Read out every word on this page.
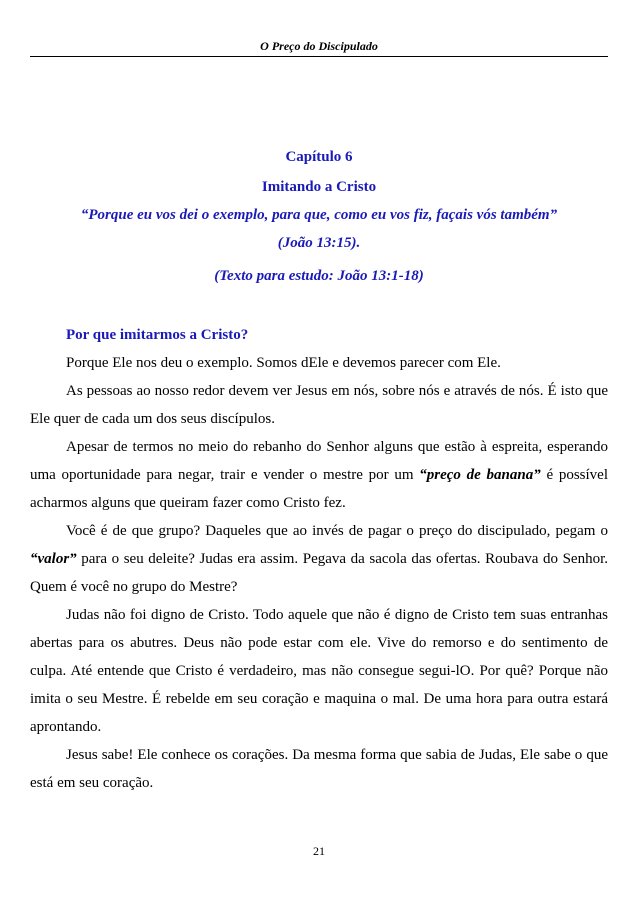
O Preço do Discipulado
Capítulo 6
Imitando a Cristo
“Porque eu vos dei o exemplo, para que, como eu vos fiz, façais vós também”
(João 13:15).
(Texto para estudo: João 13:1-18)

Por que imitarmos a Cristo?

Porque Ele nos deu o exemplo. Somos dEle e devemos parecer com Ele.

As pessoas ao nosso redor devem ver Jesus em nós, sobre nós e através de nós. É isto que Ele quer de cada um dos seus discípulos.

Apesar de termos no meio do rebanho do Senhor alguns que estão à espreita, esperando uma oportunidade para negar, trair e vender o mestre por um “preço de banana” é possível acharmos alguns que queiram fazer como Cristo fez.

Você é de que grupo? Daqueles que ao invés de pagar o preço do discipulado, pegam o “valor” para o seu deleite? Judas era assim. Pegava da sacola das ofertas. Roubava do Senhor. Quem é você no grupo do Mestre?

Judas não foi digno de Cristo. Todo aquele que não é digno de Cristo tem suas entranhas abertas para os abutres. Deus não pode estar com ele. Vive do remorso e do sentimento de culpa. Até entende que Cristo é verdadeiro, mas não consegue segui-lO. Por quê? Porque não imita o seu Mestre. É rebelde em seu coração e maquina o mal. De uma hora para outra estará aprontando.

Jesus sabe! Ele conhece os corações. Da mesma forma que sabia de Judas, Ele sabe o que está em seu coração.

21
